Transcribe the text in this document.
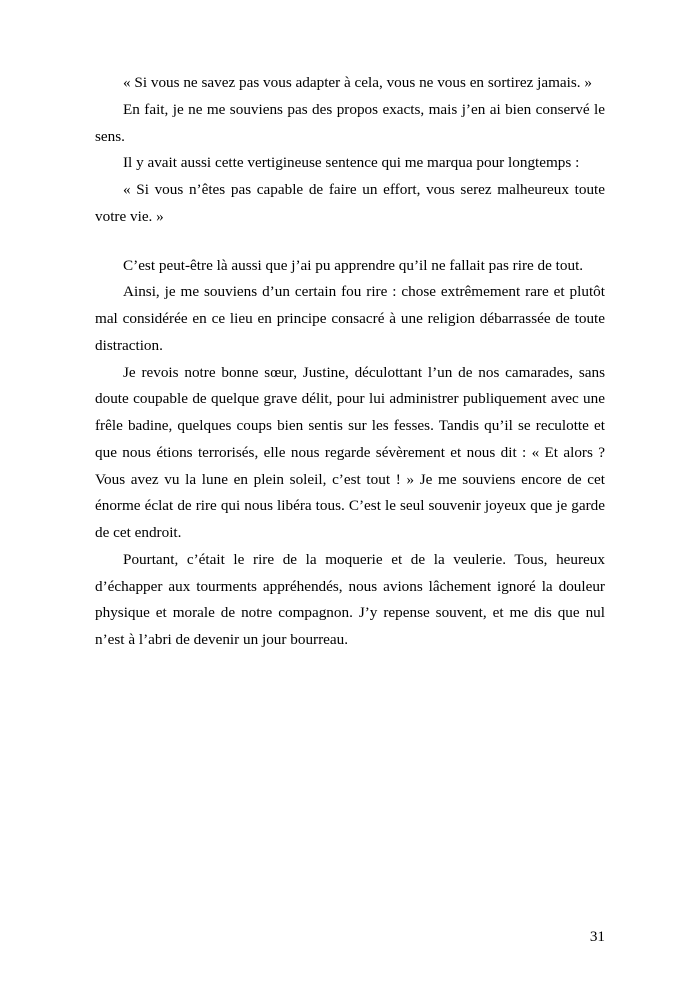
« Si vous ne savez pas vous adapter à cela, vous ne vous en sortirez jamais. »

En fait, je ne me souviens pas des propos exacts, mais j’en ai bien conservé le sens.

Il y avait aussi cette vertigineuse sentence qui me marqua pour longtemps :

« Si vous n’êtes pas capable de faire un effort, vous serez malheureux toute votre vie. »

C’est peut-être là aussi que j’ai pu apprendre qu’il ne fallait pas rire de tout.

Ainsi, je me souviens d’un certain fou rire : chose extrêmement rare et plutôt mal considérée en ce lieu en principe consacré à une religion débarrassée de toute distraction.

Je revois notre bonne sœur, Justine, déculottant l’un de nos camarades, sans doute coupable de quelque grave délit, pour lui administrer publiquement avec une frêle badine, quelques coups bien sentis sur les fesses. Tandis qu’il se reculotte et que nous étions terrorisés, elle nous regarde sévèrement et nous dit : « Et alors ? Vous avez vu la lune en plein soleil, c’est tout ! » Je me souviens encore de cet énorme éclat de rire qui nous libéra tous. C’est le seul souvenir joyeux que je garde de cet endroit.

Pourtant, c’était le rire de la moquerie et de la veulerie. Tous, heureux d’échapper aux tourments appréhendés, nous avions lâchement ignoré la douleur physique et morale de notre compagnon. J’y repense souvent, et me dis que nul n’est à l’abri de devenir un jour bourreau.

31
